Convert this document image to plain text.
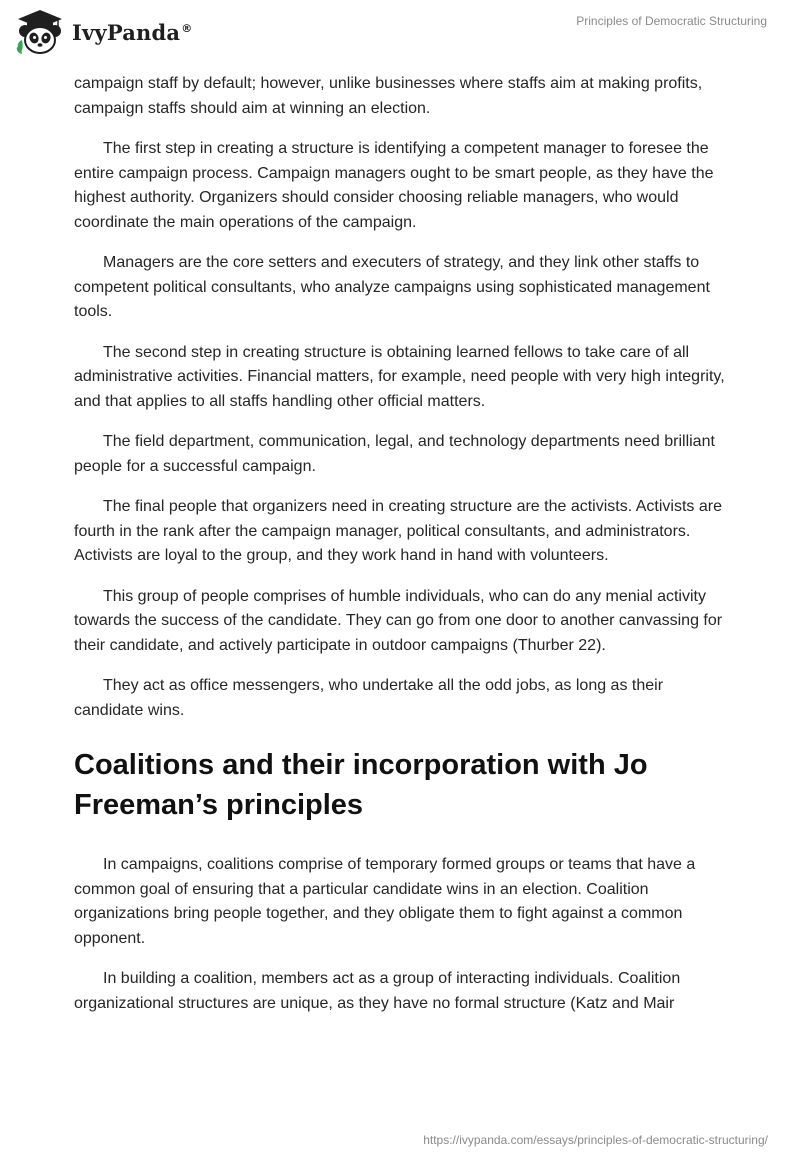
IvyPanda®	Principles of Democratic Structuring

campaign staff by default; however, unlike businesses where staffs aim at making profits, campaign staffs should aim at winning an election.

The first step in creating a structure is identifying a competent manager to foresee the entire campaign process. Campaign managers ought to be smart people, as they have the highest authority. Organizers should consider choosing reliable managers, who would coordinate the main operations of the campaign.

Managers are the core setters and executers of strategy, and they link other staffs to competent political consultants, who analyze campaigns using sophisticated management tools.

The second step in creating structure is obtaining learned fellows to take care of all administrative activities. Financial matters, for example, need people with very high integrity, and that applies to all staffs handling other official matters.

The field department, communication, legal, and technology departments need brilliant people for a successful campaign.

The final people that organizers need in creating structure are the activists. Activists are fourth in the rank after the campaign manager, political consultants, and administrators. Activists are loyal to the group, and they work hand in hand with volunteers.

This group of people comprises of humble individuals, who can do any menial activity towards the success of the candidate. They can go from one door to another canvassing for their candidate, and actively participate in outdoor campaigns (Thurber 22).

They act as office messengers, who undertake all the odd jobs, as long as their candidate wins.

Coalitions and their incorporation with Jo Freeman’s principles

In campaigns, coalitions comprise of temporary formed groups or teams that have a common goal of ensuring that a particular candidate wins in an election. Coalition organizations bring people together, and they obligate them to fight against a common opponent.

In building a coalition, members act as a group of interacting individuals. Coalition organizational structures are unique, as they have no formal structure (Katz and Mair

https://ivypanda.com/essays/principles-of-democratic-structuring/
